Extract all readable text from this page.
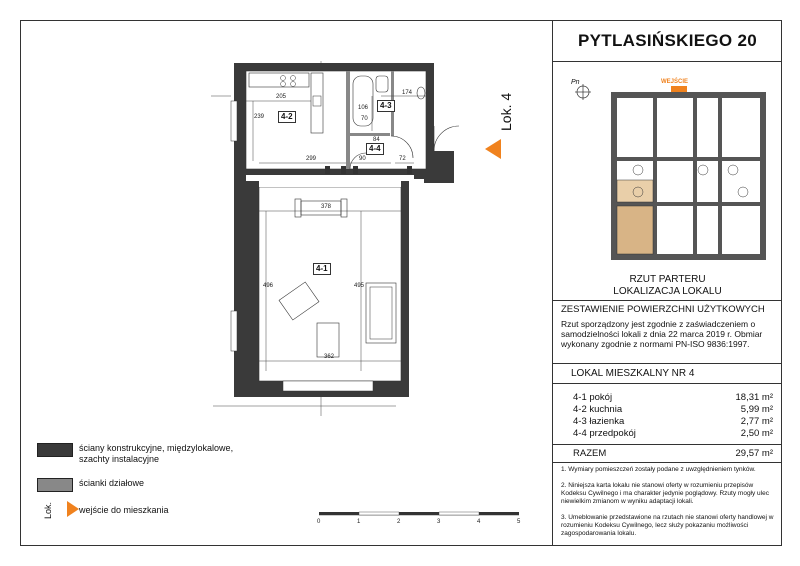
4-2
4-3
4-4
4-1
205
239
174
106
70
84
299	90	72
378
496	495
362
Lok. 4
0	1	2	3	4	5
ściany konstrukcyjne, międzylokalowe, szachty instalacyjne
ścianki działowe
Lok.	wejście do mieszkania
PYTLASIŃSKIEGO 20
Pn	WEJŚCIE
RZUT PARTERU
LOKALIZACJA LOKALU
ZESTAWIENIE POWIERZCHNI UŻYTKOWYCH
Rzut sporządzony jest zgodnie z zaświadczeniem o samodzielności lokali z dnia 22 marca 2019 r. Obmiar wykonany zgodnie z normami PN-ISO 9836:1997.
LOKAL MIESZKALNY NR 4
4-1 pokój	18,31 m²
4-2 kuchnia	5,99 m²
4-3 łazienka	2,77 m²
4-4 przedpokój	2,50 m²
RAZEM	29,57 m²
1. Wymiary pomieszczeń zostały podane z uwzględnieniem tynków.
2. Niniejsza karta lokalu nie stanowi oferty w rozumieniu przepisów Kodeksu Cywilnego i ma charakter jedynie poglądowy. Rzuty mogły ulec niewielkim zmianom w wyniku adaptacji lokali.
3. Umeblowanie przedstawione na rzutach nie stanowi oferty handlowej w rozumieniu Kodeksu Cywilnego, lecz służy pokazaniu możliwości zagospodarowania lokalu.
